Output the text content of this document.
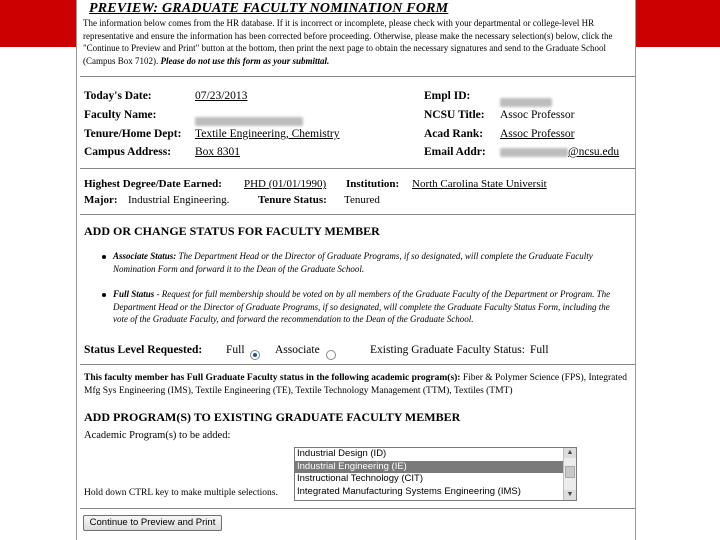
PREVIEW: GRADUATE FACULTY NOMINATION FORM
The information below comes from the HR database. If it is incorrect or incomplete, please check with your departmental or college-level HR representative and ensure the information has been corrected before proceeding. Otherwise, please make the necessary selection(s) below, click the "Continue to Preview and Print" button at the bottom, then print the next page to obtain the necessary signatures and send to the Graduate School (Campus Box 7102). Please do not use this form as your submittal.
Today's Date:	07/23/2013
Faculty Name:
Tenure/Home Dept: Textile Engineering, Chemistry
Campus Address: Box 8301
Empl ID:
NCSU Title: Assoc Professor
Acad Rank: Assoc Professor
Email Addr:	@ncsu.edu
Highest Degree/Date Earned: PHD (01/01/1990) Institution: North Carolina State Universit
Major: Industrial Engineering.	Tenure Status: Tenured
ADD OR CHANGE STATUS FOR FACULTY MEMBER
Associate Status: The Department Head or the Director of Graduate Programs, if so designated, will complete the Graduate Faculty Nomination Form and forward it to the Dean of the Graduate School.
Full Status - Request for full membership should be voted on by all members of the Graduate Faculty of the Department or Program. The Department Head or the Director of Graduate Programs, if so designated, will complete the Graduate Faculty Status Form, including the vote of the Graduate Faculty, and forward the recommendation to the Dean of the Graduate School.
Status Level Requested: Full	Associate	Existing Graduate Faculty Status: Full
This faculty member has Full Graduate Faculty status in the following academic program(s): Fiber & Polymer Science (FPS), Integrated Mfg Sys Engineering (IMS), Textile Engineering (TE), Textile Technology Management (TTM), Textiles (TMT)
ADD PROGRAM(S) TO EXISTING GRADUATE FACULTY MEMBER
Academic Program(s) to be added:
Industrial Design (ID)
Industrial Engineering (IE)
Instructional Technology (CIT)
Integrated Manufacturing Systems Engineering (IMS)
▲
▼
Hold down CTRL key to make multiple selections.
Continue to Preview and Print
